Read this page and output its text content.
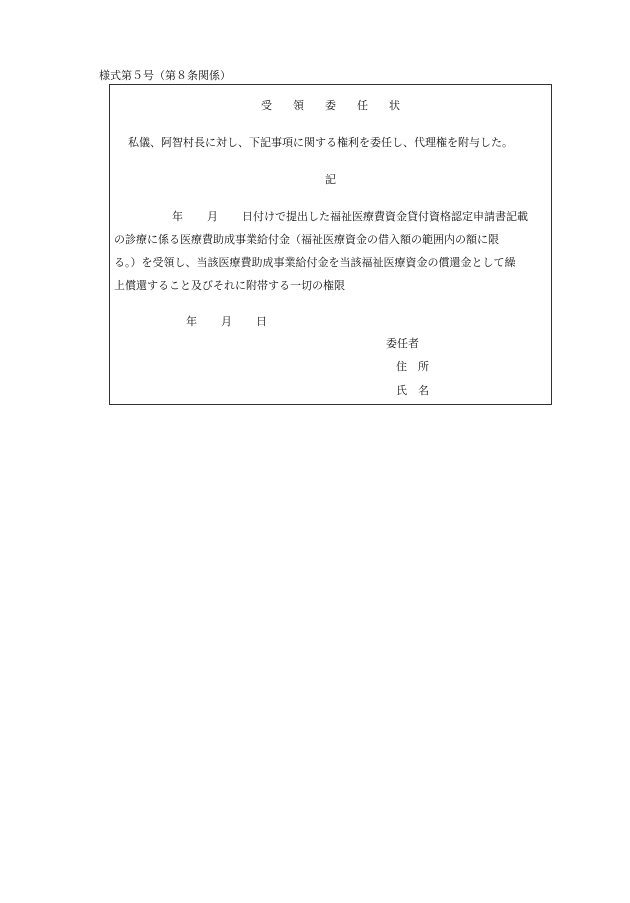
様式第５号（第８条関係）
受領委任状
私儀、阿智村長に対し、下記事項に関する権利を委任し、代理権を附与した。
記
年 月 日付けで提出した福祉医療費資金貸付資格認定申請書記載
の診療に係る医療費助成事業給付金（福祉医療資金の借入額の範囲内の額に限
る。）を受領し、当該医療費助成事業給付金を当該福祉医療資金の償還金として繰
上償還すること及びそれに附帯する一切の権限
年 月 日
委任者
住 所
氏 名
